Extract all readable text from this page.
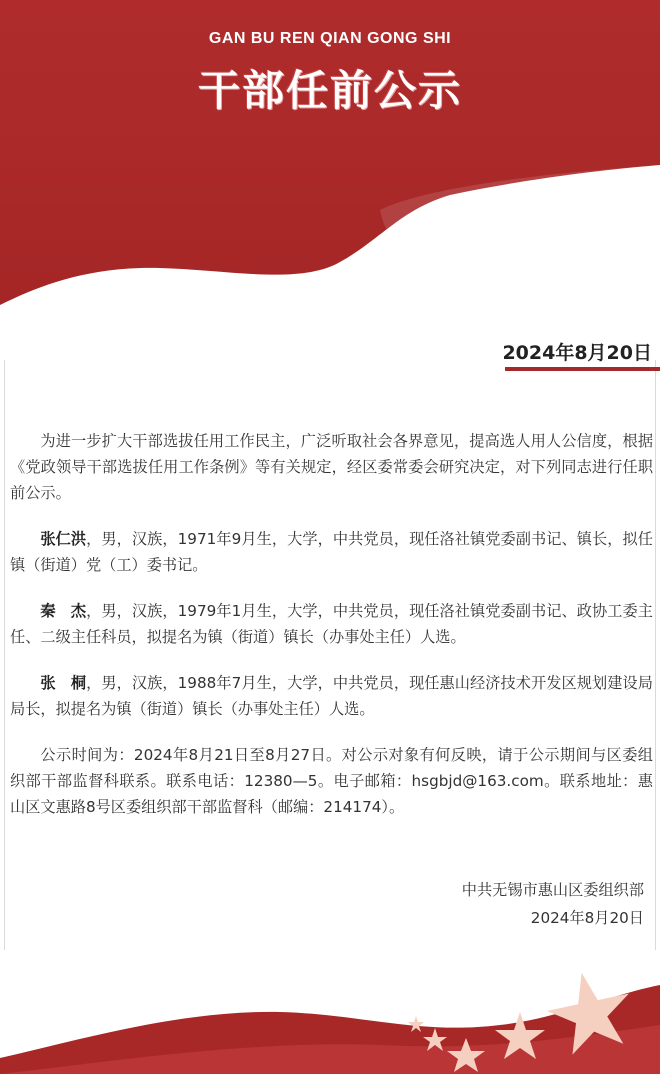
GAN BU REN QIAN GONG SHI
干部任前公示
2024年8月20日

为进一步扩大干部选拔任用工作民主，广泛听取社会各界意见，提高选人用人公信度，根据《党政领导干部选拔任用工作条例》等有关规定，经区委常委会研究决定，对下列同志进行任职前公示。

张仁洪，男，汉族，1971年9月生，大学，中共党员，现任洛社镇党委副书记、镇长，拟任镇（街道）党（工）委书记。

秦　杰，男，汉族，1979年1月生，大学，中共党员，现任洛社镇党委副书记、政协工委主任、二级主任科员，拟提名为镇（街道）镇长（办事处主任）人选。

张　桐，男，汉族，1988年7月生，大学，中共党员，现任惠山经济技术开发区规划建设局局长，拟提名为镇（街道）镇长（办事处主任）人选。

公示时间为：2024年8月21日至8月27日。对公示对象有何反映，请于公示期间与区委组织部干部监督科联系。联系电话：12380—5。电子邮箱：hsgbjd@163.com。联系地址：惠山区文惠路8号区委组织部干部监督科（邮编：214174）。

中共无锡市惠山区委组织部
2024年8月20日
